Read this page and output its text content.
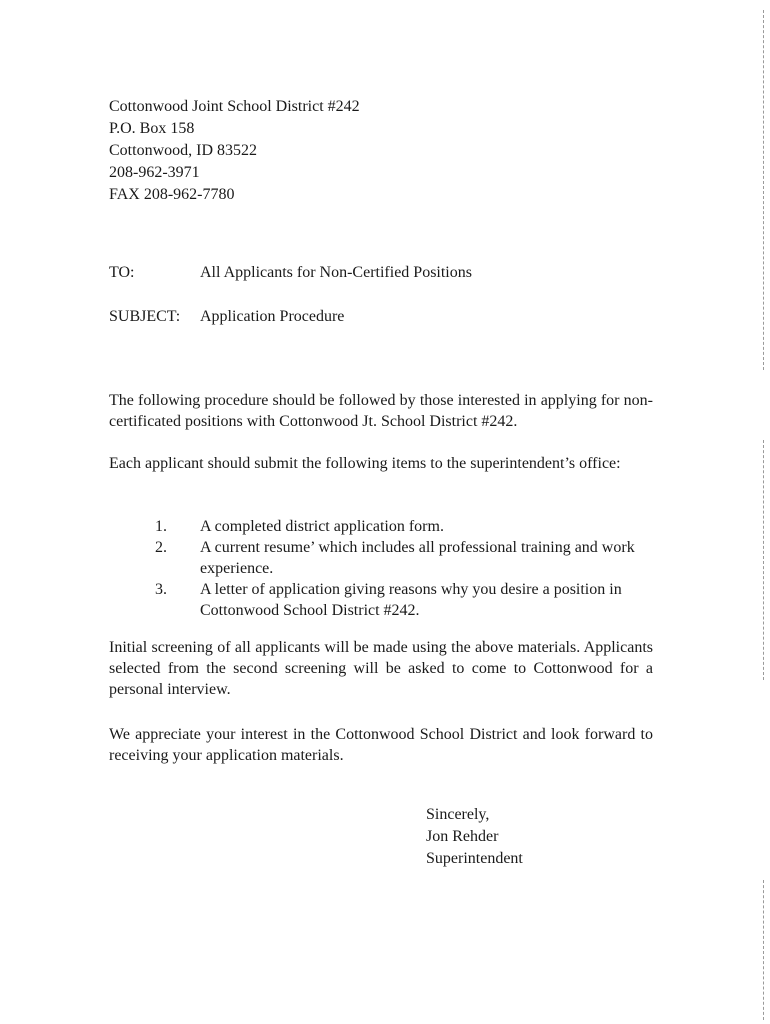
Cottonwood Joint School District #242
P.O. Box 158
Cottonwood, ID 83522
208-962-3971
FAX 208-962-7780
TO:	All Applicants for Non-Certified Positions
SUBJECT: Application Procedure
The following procedure should be followed by those interested in applying for non-certificated positions with Cottonwood Jt. School District #242.
Each applicant should submit the following items to the superintendent’s office:
1.	A completed district application form.
2.	A current resume’ which includes all professional training and work experience.
3.	A letter of application giving reasons why you desire a position in Cottonwood School District #242.
Initial screening of all applicants will be made using the above materials. Applicants selected from the second screening will be asked to come to Cottonwood for a personal interview.
We appreciate your interest in the Cottonwood School District and look forward to receiving your application materials.
Sincerely,
Jon Rehder
Superintendent
